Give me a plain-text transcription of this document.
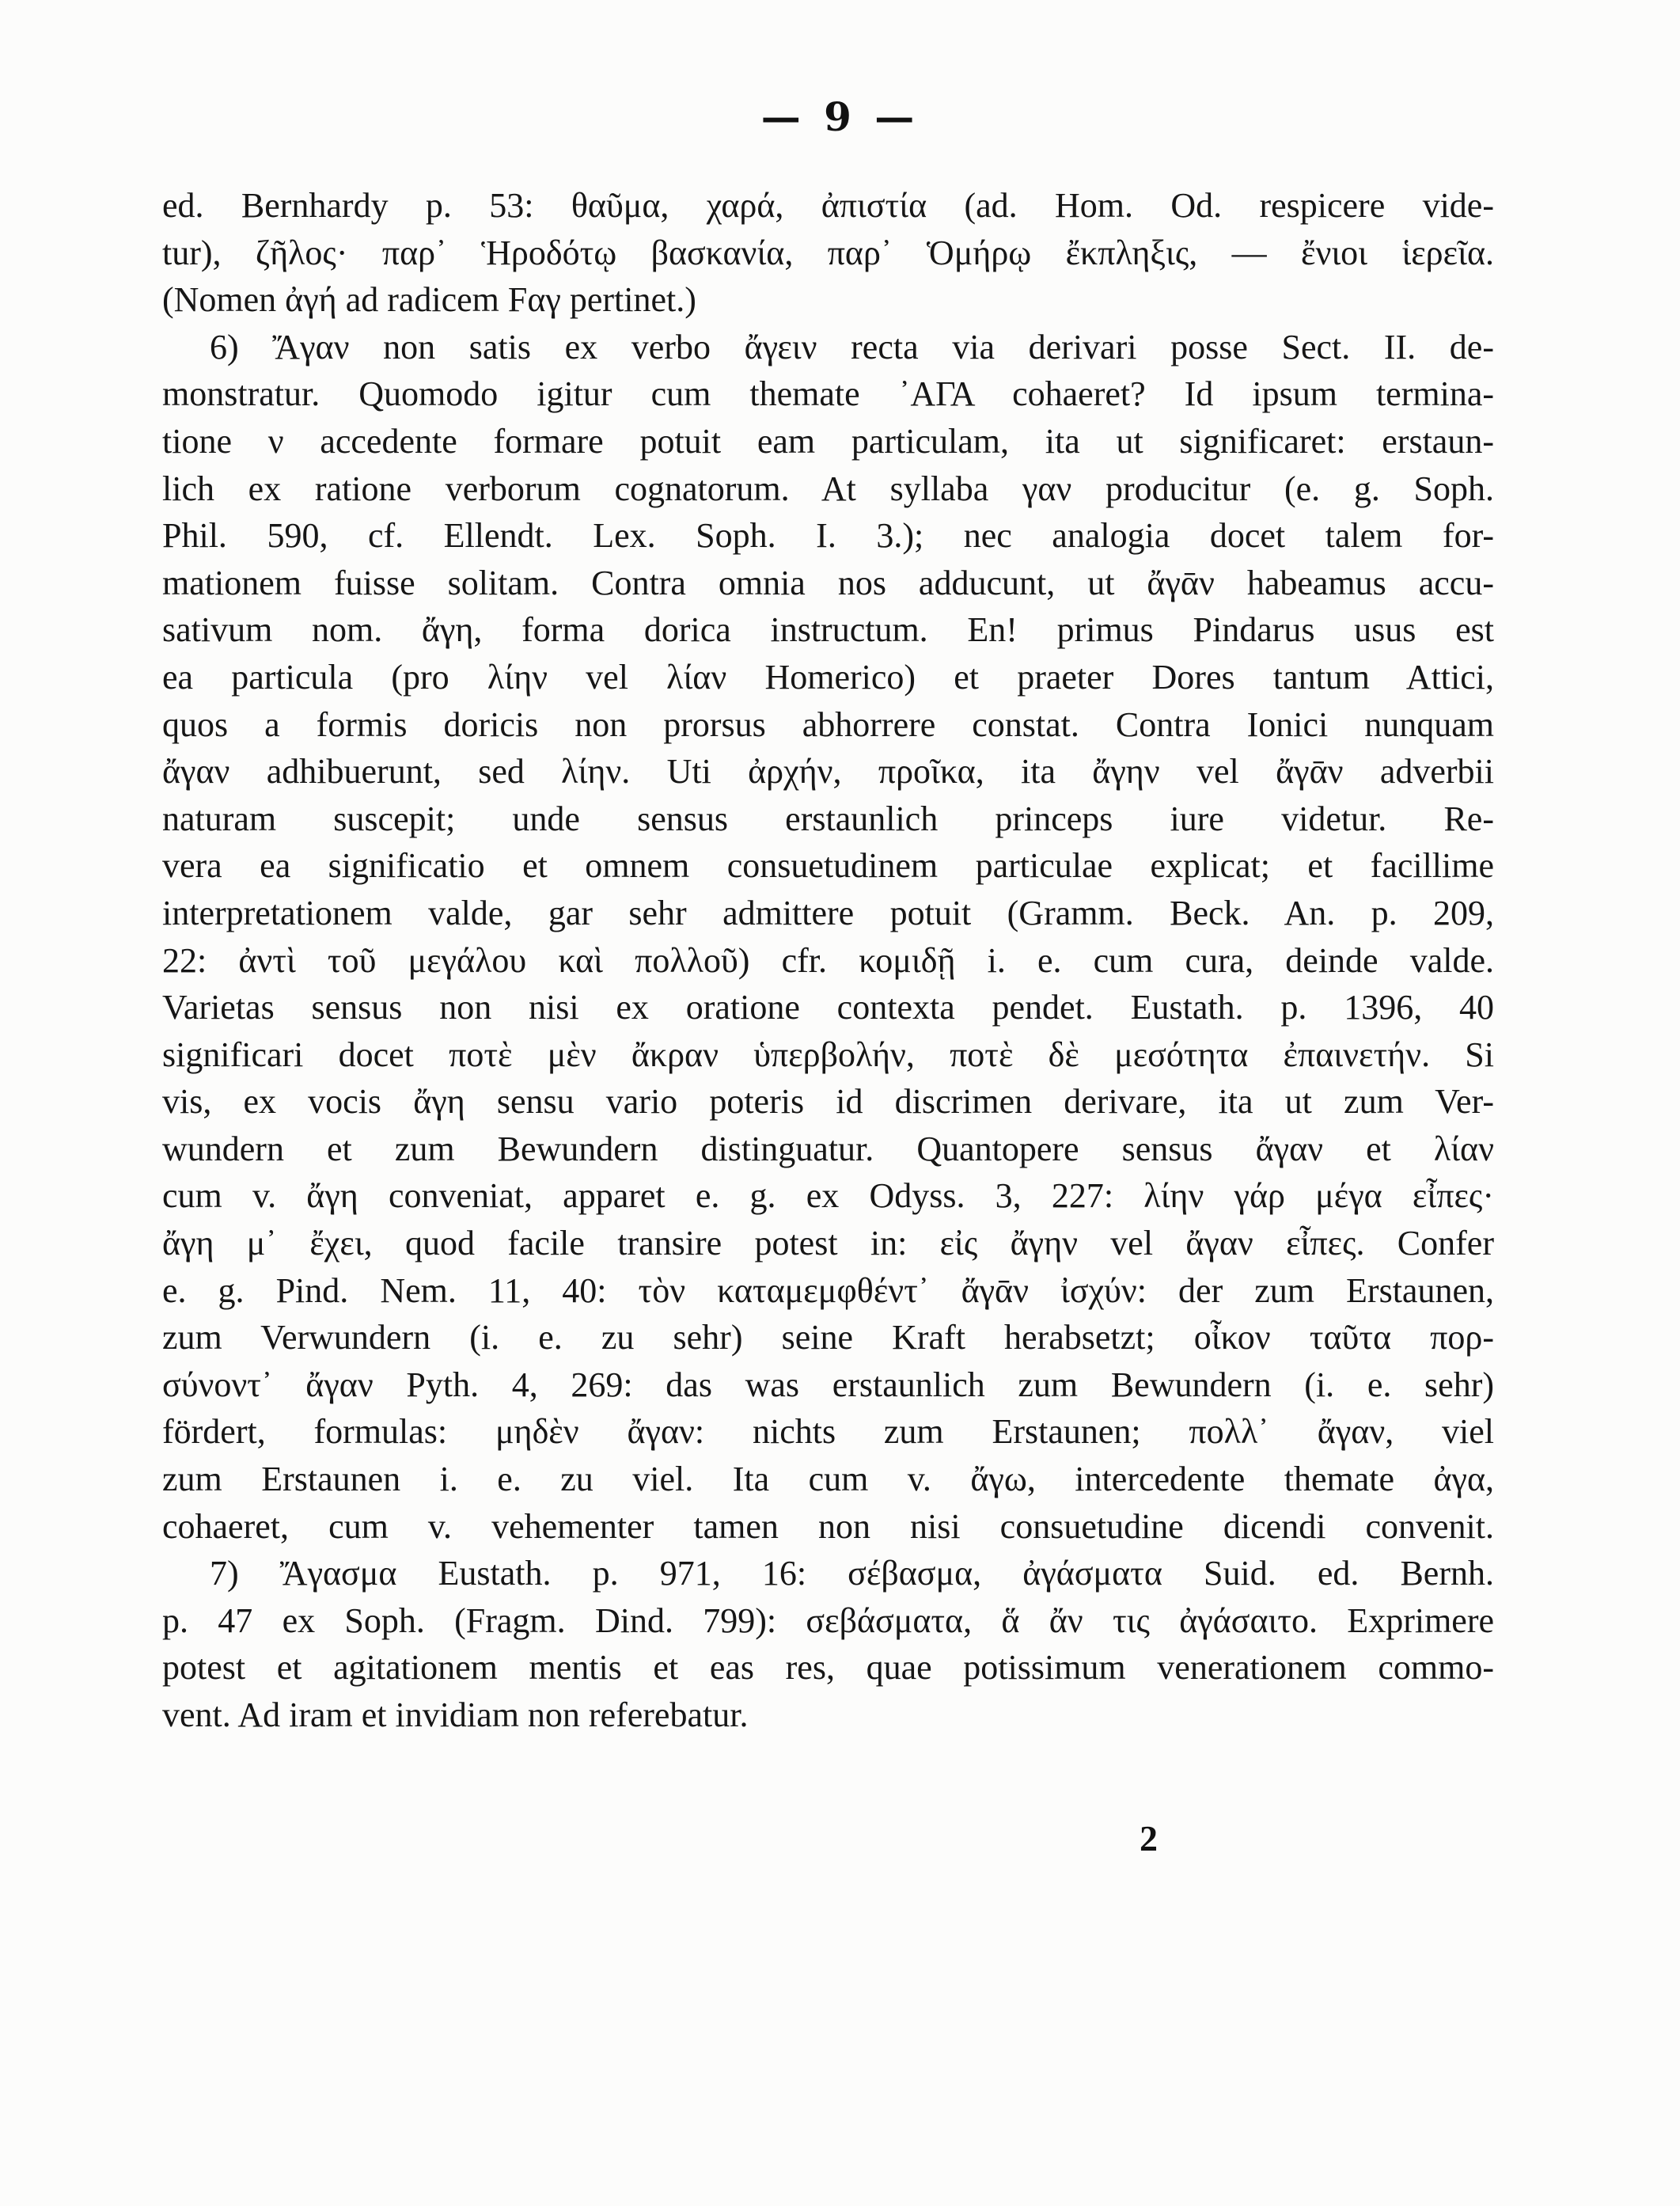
— 9 —
ed. Bernhardy p. 53: θαῦμα, χαρά, ἀπιστία (ad. Hom. Od. respicere vide-
tur), ζῆλος· παρ᾽ Ἡροδότῳ βασκανία, παρ᾽ Ὁμήρῳ ἔκπληξις, — ἔνιοι ἱερεῖα.
(Nomen ἀγή ad radicem Fαγ pertinet.)
6) Ἄγαν non satis ex verbo ἄγειν recta via derivari posse Sect. II. de-
monstratur. Quomodo igitur cum themate ᾿ΑΓΑ cohaeret? Id ipsum termina-
tione ν accedente formare potuit eam particulam, ita ut significaret: erstaun-
lich ex ratione verborum cognatorum. At syllaba γαν producitur (e. g. Soph.
Phil. 590, cf. Ellendt. Lex. Soph. I. 3.); nec analogia docet talem for-
mationem fuisse solitam. Contra omnia nos adducunt, ut ἄγᾱν habeamus accu-
sativum nom. ἄγη, forma dorica instructum. En! primus Pindarus usus est
ea particula (pro λίην vel λίαν Homerico) et praeter Dores tantum Attici,
quos a formis doricis non prorsus abhorrere constat. Contra Ionici nunquam
ἄγαν adhibuerunt, sed λίην. Uti ἀρχήν, προῖκα, ita ἄγην vel ἄγᾱν adverbii
naturam suscepit; unde sensus erstaunlich princeps iure videtur. Re-
vera ea significatio et omnem consuetudinem particulae explicat; et facillime
interpretationem valde, gar sehr admittere potuit (Gramm. Beck. An. p. 209,
22: ἀντὶ τοῦ μεγάλου καὶ πολλοῦ) cfr. κομιδῇ i. e. cum cura, deinde valde.
Varietas sensus non nisi ex oratione contexta pendet. Eustath. p. 1396, 40
significari docet ποτὲ μὲν ἄκραν ὑπερβολήν, ποτὲ δὲ μεσότητα ἐπαινετήν. Si
vis, ex vocis ἄγη sensu vario poteris id discrimen derivare, ita ut zum Ver-
wundern et zum Bewundern distinguatur. Quantopere sensus ἄγαν et λίαν
cum v. ἄγη conveniat, apparet e. g. ex Odyss. 3, 227: λίην γάρ μέγα εἶπες·
ἄγη μ᾽ ἔχει, quod facile transire potest in: εἰς ἄγην vel ἄγαν εἶπες. Confer
e. g. Pind. Nem. 11, 40: τὸν καταμεμφθέντ᾽ ἄγᾱν ἰσχύν: der zum Erstaunen,
zum Verwundern (i. e. zu sehr) seine Kraft herabsetzt; οἶκον ταῦτα πορ-
σύνοντ᾽ ἄγαν Pyth. 4, 269: das was erstaunlich zum Bewundern (i. e. sehr)
fördert, formulas: μηδὲν ἄγαν: nichts zum Erstaunen; πολλ᾽ ἄγαν, viel
zum Erstaunen i. e. zu viel. Ita cum v. ἄγω, intercedente themate ἀγα,
cohaeret, cum v. vehementer tamen non nisi consuetudine dicendi convenit.
7) Ἄγασμα Eustath. p. 971, 16: σέβασμα, ἀγάσματα Suid. ed. Bernh.
p. 47 ex Soph. (Fragm. Dind. 799): σεβάσματα, ἅ ἄν τις ἀγάσαιτο. Exprimere
potest et agitationem mentis et eas res, quae potissimum venerationem commo-
vent. Ad iram et invidiam non referebatur.
2
